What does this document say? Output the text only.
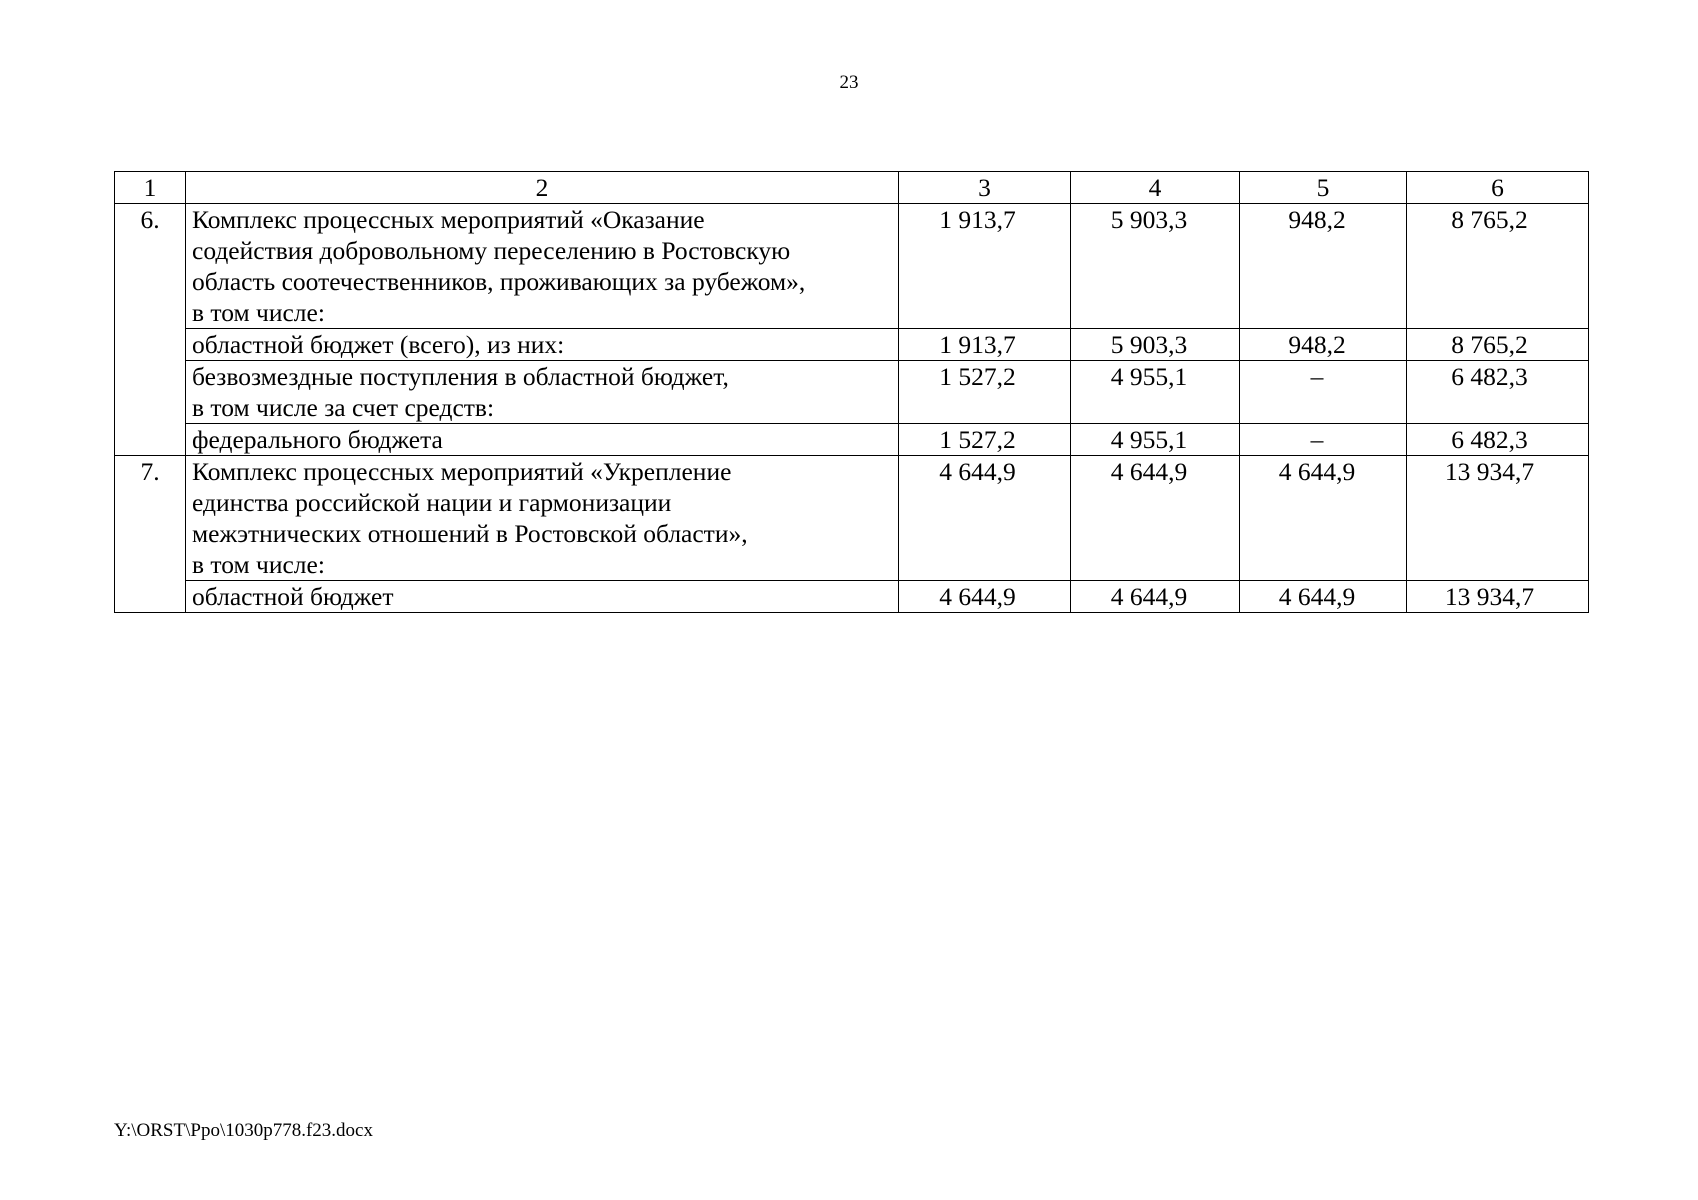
23
1	2	3	4	5	6
6.	Комплекс процессных мероприятий «Оказание
содействия добровольному переселению в Ростовскую
область соотечественников, проживающих за рубежом»,
в том числе:	1 913,7	5 903,3	948,2	8 765,2

	областной бюджет (всего), из них:	1 913,7	5 903,3	948,2	8 765,2

	безвозмездные поступления в областной бюджет,
в том числе за счет средств:	1 527,2	4 955,1	–	6 482,3

	федерального бюджета	1 527,2	4 955,1	–	6 482,3
7.	Комплекс процессных мероприятий «Укрепление
единства российской нации и гармонизации
межэтнических отношений в Ростовской области»,
в том числе:	4 644,9	4 644,9	4 644,9	13 934,7

	областной бюджет	4 644,9	4 644,9	4 644,9	13 934,7
Y:\ORST\Ppo\1030p778.f23.docx
